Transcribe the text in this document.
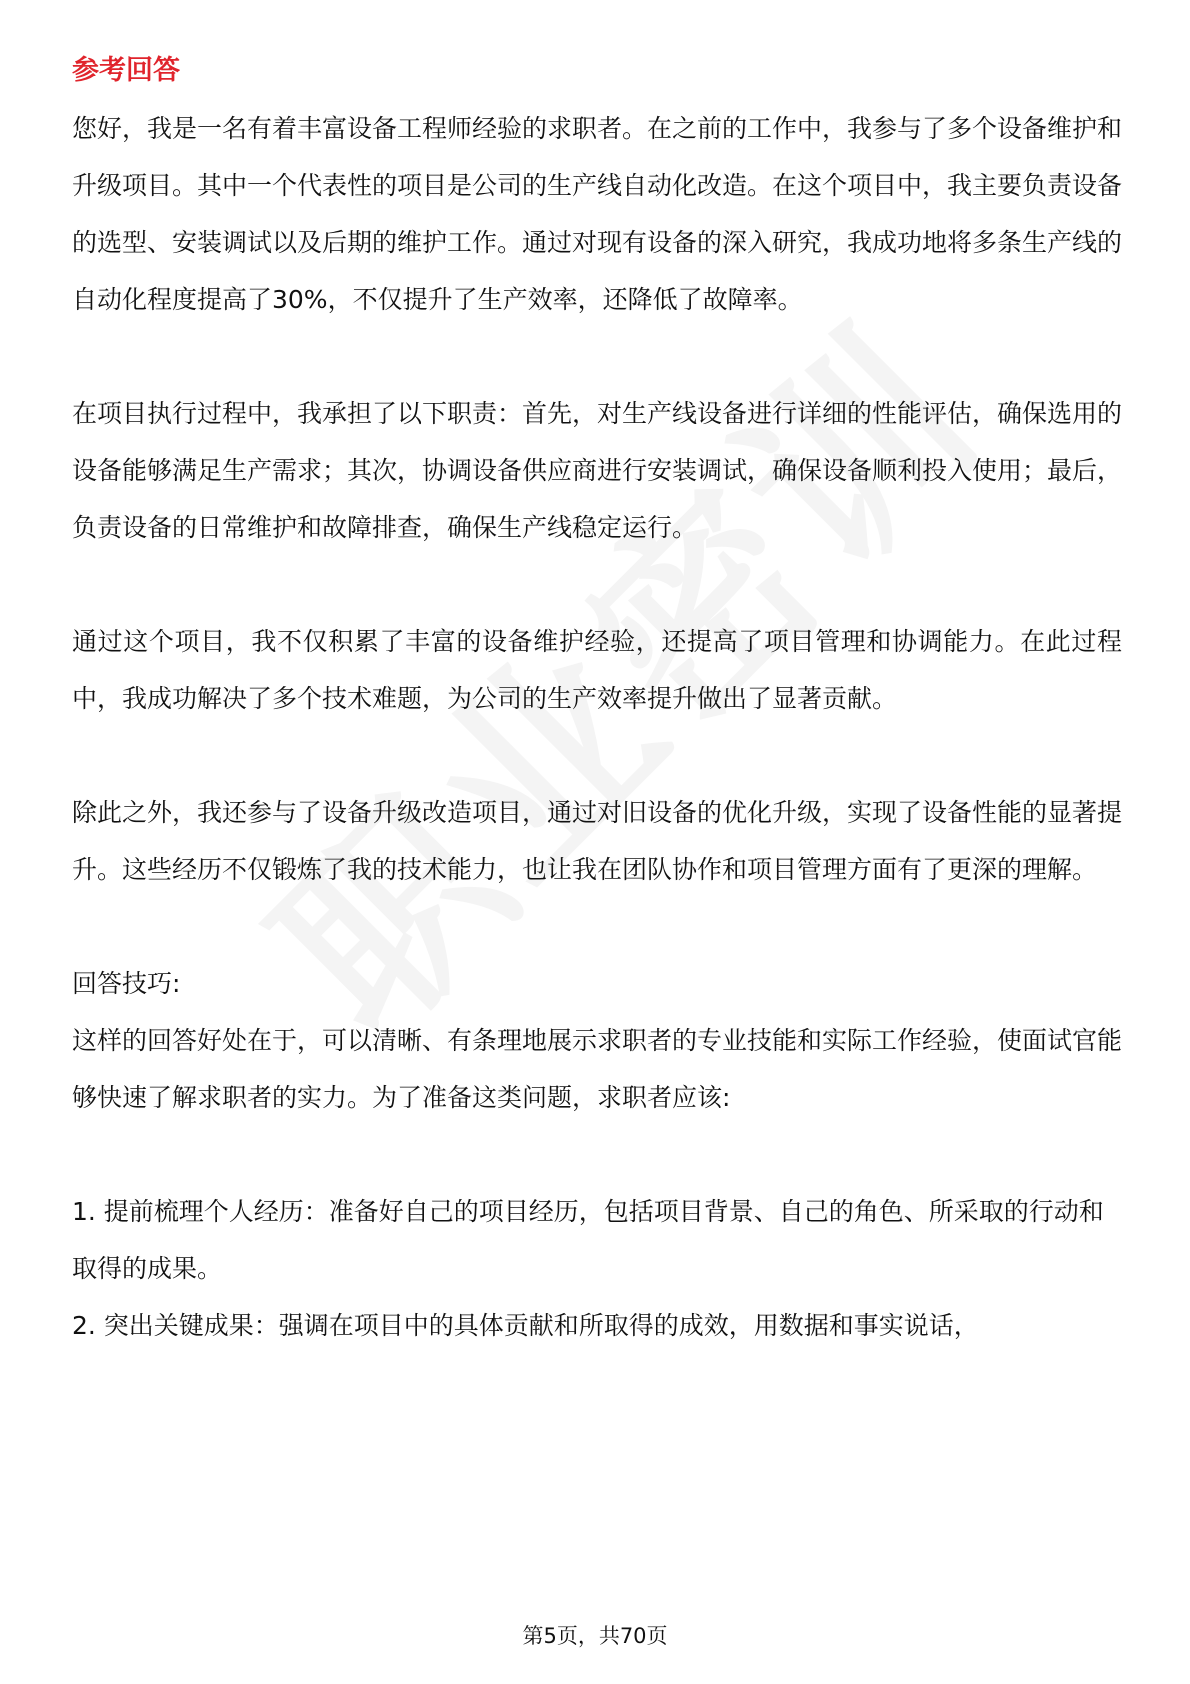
参考回答

您好，我是一名有着丰富设备工程师经验的求职者。在之前的工作中，我参与了多个设备维护和升级项目。其中一个代表性的项目是公司的生产线自动化改造。在这个项目中，我主要负责设备的选型、安装调试以及后期的维护工作。通过对现有设备的深入研究，我成功地将多条生产线的自动化程度提高了30%，不仅提升了生产效率，还降低了故障率。

在项目执行过程中，我承担了以下职责：首先，对生产线设备进行详细的性能评估，确保选用的设备能够满足生产需求；其次，协调设备供应商进行安装调试，确保设备顺利投入使用；最后，负责设备的日常维护和故障排查，确保生产线稳定运行。

通过这个项目，我不仅积累了丰富的设备维护经验，还提高了项目管理和协调能力。在此过程中，我成功解决了多个技术难题，为公司的生产效率提升做出了显著贡献。

除此之外，我还参与了设备升级改造项目，通过对旧设备的优化升级，实现了设备性能的显著提升。这些经历不仅锻炼了我的技术能力，也让我在团队协作和项目管理方面有了更深的理解。

回答技巧:

这样的回答好处在于，可以清晰、有条理地展示求职者的专业技能和实际工作经验，使面试官能够快速了解求职者的实力。为了准备这类问题，求职者应该:

1. 提前梳理个人经历：准备好自己的项目经历，包括项目背景、自己的角色、所采取的行动和取得的成果。

2. 突出关键成果：强调在项目中的具体贡献和所取得的成效，用数据和事实说话，

第5页，共70页
